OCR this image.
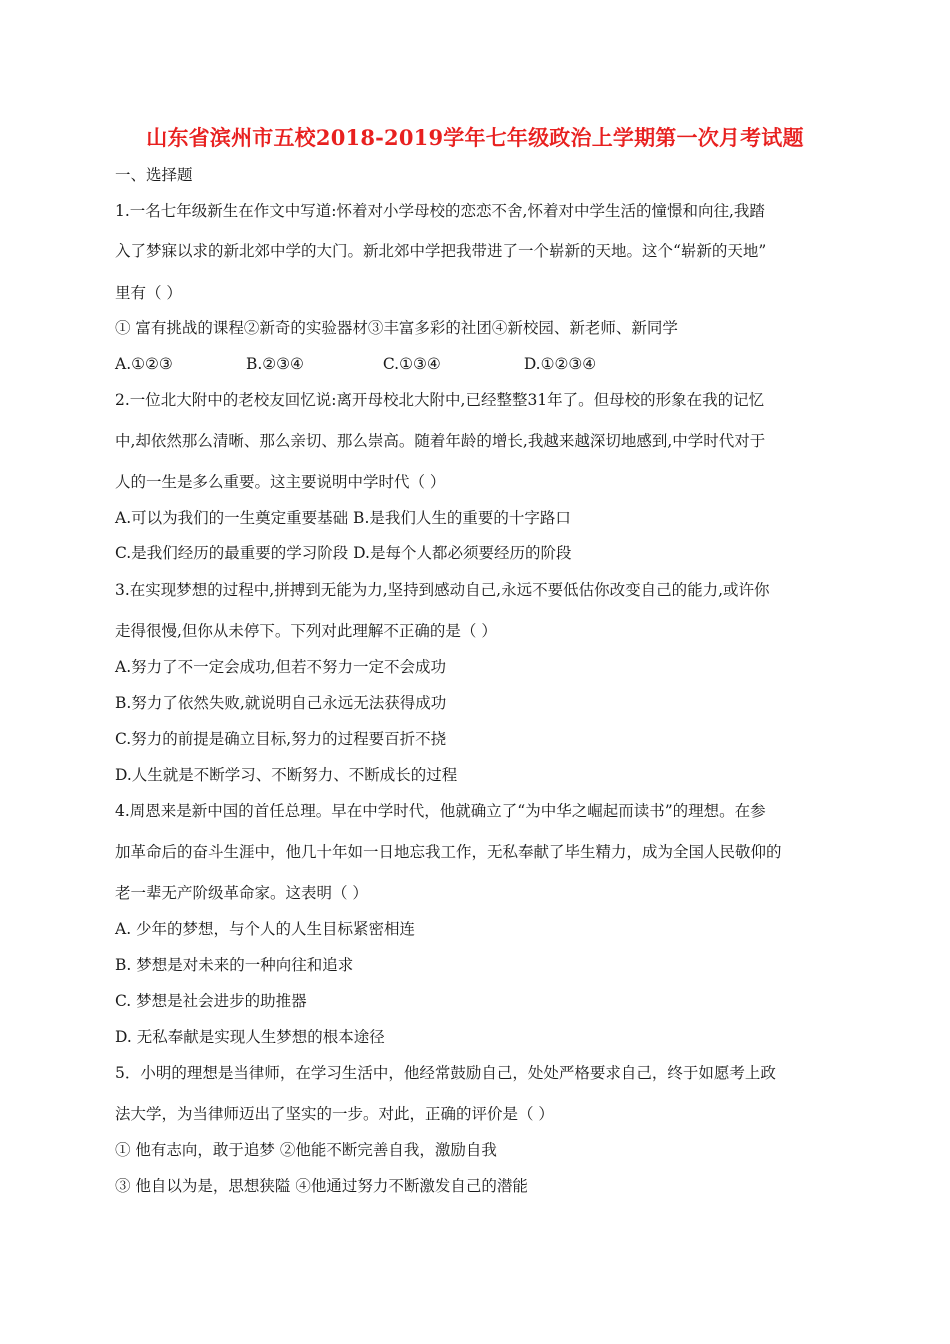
山东省滨州市五校2018-2019学年七年级政治上学期第一次月考试题
一、选择题
1.一名七年级新生在作文中写道:怀着对小学母校的恋恋不舍,怀着对中学生活的憧憬和向往,我踏
入了梦寐以求的新北郊中学的大门。新北郊中学把我带进了一个崭新的天地。这个“崭新的天地”
里有（ ）
① 富有挑战的课程②新奇的实验器材③丰富多彩的社团④新校园、新老师、新同学
A.①②③	B.②③④	C.①③④	D.①②③④
2.一位北大附中的老校友回忆说:离开母校北大附中,已经整整31年了。但母校的形象在我的记忆
中,却依然那么清晰、那么亲切、那么崇高。随着年龄的增长,我越来越深切地感到,中学时代对于
人的一生是多么重要。这主要说明中学时代（ ）
A.可以为我们的一生奠定重要基础 B.是我们人生的重要的十字路口
C.是我们经历的最重要的学习阶段 D.是每个人都必须要经历的阶段
3.在实现梦想的过程中,拼搏到无能为力,坚持到感动自己,永远不要低估你改变自己的能力,或许你
走得很慢,但你从未停下。下列对此理解不正确的是（ ）
A.努力了不一定会成功,但若不努力一定不会成功
B.努力了依然失败,就说明自己永远无法获得成功
C.努力的前提是确立目标,努力的过程要百折不挠
D.人生就是不断学习、不断努力、不断成长的过程
4.周恩来是新中国的首任总理。早在中学时代，他就确立了“为中华之崛起而读书”的理想。在参
加革命后的奋斗生涯中，他几十年如一日地忘我工作，无私奉献了毕生精力，成为全国人民敬仰的
老一辈无产阶级革命家。这表明（ ）
A. 少年的梦想，与个人的人生目标紧密相连
B. 梦想是对未来的一种向往和追求
C. 梦想是社会进步的助推器
D. 无私奉献是实现人生梦想的根本途径
5．小明的理想是当律师，在学习生活中，他经常鼓励自己，处处严格要求自己，终于如愿考上政
法大学，为当律师迈出了坚实的一步。对此，正确的评价是（ ）
① 他有志向，敢于追梦 ②他能不断完善自我，激励自我
③ 他自以为是，思想狭隘 ④他通过努力不断激发自己的潜能
